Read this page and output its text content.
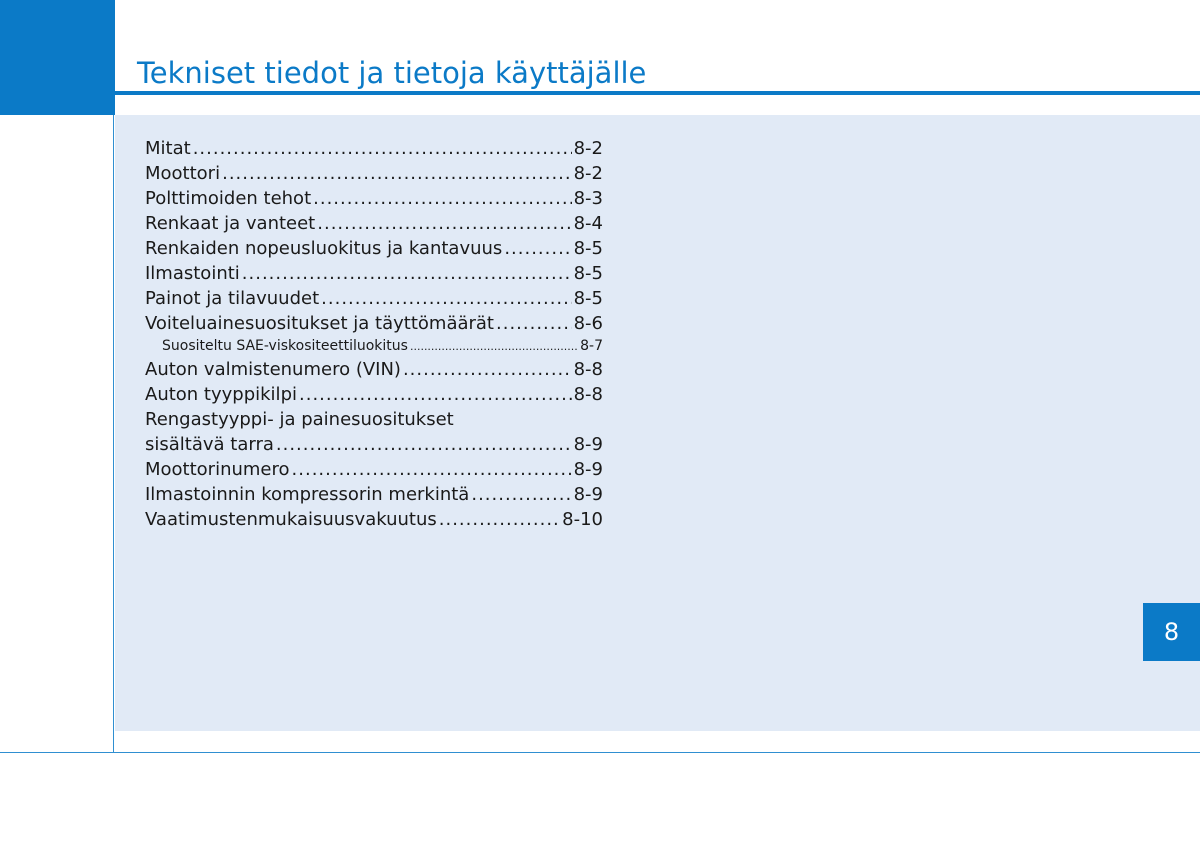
Tekniset tiedot ja tietoja käyttäjälle
Mitat .....	8-2
Moottori .....	8-2
Polttimoiden tehot .....	8-3
Renkaat ja vanteet .....	8-4
Renkaiden nopeusluokitus ja kantavuus .....	8-5
Ilmastointi .....	8-5
Painot ja tilavuudet .....	8-5
Voiteluainesuositukset ja täyttömäärät .....	8-6
Suositeltu SAE-viskositeettiluokitus .....	8-7
Auton valmistenumero (VIN) .....	8-8
Auton tyyppikilpi .....	8-8
Rengastyyppi- ja painesuositukset
sisältävä tarra .....	8-9
Moottorinumero .....	8-9
Ilmastoinnin kompressorin merkintä .....	8-9
Vaatimustenmukaisuusvakuutus .....	8-10
8
